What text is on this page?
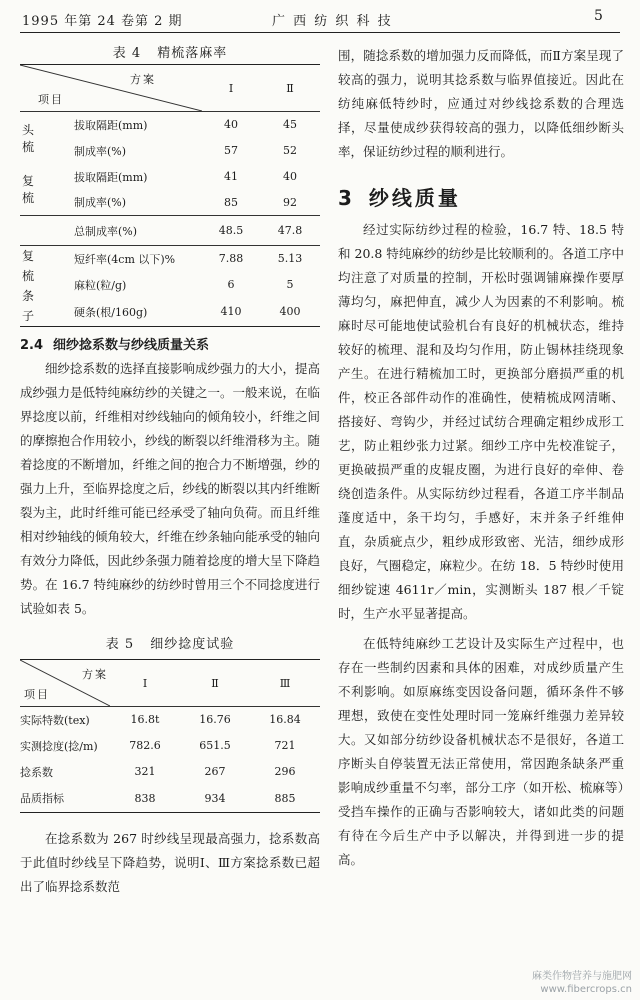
1995 年第 24 卷第 2 期	广 西 纺 织 科 技	5
表 4 精梳落麻率
方案
项目		Ⅰ	Ⅱ
头 梳	拔取隔距(mm)	40	45
	制成率(%)	57	52
复 梳	拔取隔距(mm)	41	40
	制成率(%)	85	92
	总制成率(%)	48.5	47.8

复 梳
条 子	短纤率(4cm 以下)%	7.88	5.13
	麻粒(粒/g)	6	5
	硬条(根/160g)	410	400
2.4 细纱捻系数与纱线质量关系

细纱捻系数的选择直接影响成纱强力的大小，提高成纱强力是低特纯麻纺纱的关键之一。一般来说，在临界捻度以前，纤维相对纱线轴向的倾角较小，纤维之间的摩擦抱合作用较小，纱线的断裂以纤维滑移为主。随着捻度的不断增加，纤维之间的抱合力不断增强，纱的强力上升，至临界捻度之后，纱线的断裂以其内纤维断裂为主，此时纤维可能已经承受了轴向负荷。而且纤维相对纱轴线的倾角较大，纤维在纱条轴向能承受的轴向有效分力降低，因此纱条强力随着捻度的增大呈下降趋势。在 16.7 特纯麻纱的纺纱时曾用三个不同捻度进行试验如表 5。

表 5 细纱捻度试验
方案
项目	Ⅰ	Ⅱ	Ⅲ
实际特数(tex)	16.8t	16.76	16.84
实测捻度(捻/m)	782.6	651.5	721
捻系数	321	267	296
品质指标	838	934	885

在捻系数为 267 时纱线呈现最高强力，捻系数高于此值时纱线呈下降趋势，说明Ⅰ、Ⅲ方案捻系数已超出了临界捻系数范

围，随捻系数的增加强力反而降低，而Ⅱ方案呈现了较高的强力，说明其捻系数与临界值接近。因此在纺纯麻低特纱时，应通过对纱线捻系数的合理选择，尽量使成纱获得较高的强力，以降低细纱断头率，保证纺纱过程的顺利进行。

3 纱线质量

经过实际纺纱过程的检验，16.7 特、18.5 特和 20.8 特纯麻纱的纺纱是比较顺利的。各道工序中均注意了对质量的控制，开松时强调铺麻操作要厚薄均匀，麻把伸直，减少人为因素的不利影响。梳麻时尽可能地使试验机台有良好的机械状态，维持较好的梳理、混和及均匀作用，防止锡林挂绕现象产生。在进行精梳加工时，更换部分磨损严重的机件，校正各部件动作的准确性，使精梳成网清晰、搭接好、弯钩少，并经过试纺合理确定粗纱成形工艺，防止粗纱张力过紧。细纱工序中先校准锭子，更换破损严重的皮辊皮圈，为进行良好的牵伸、卷绕创造条件。从实际纺纱过程看，各道工序半制品蓬度适中，条干均匀，手感好，末并条子纤维伸直，杂质疵点少，粗纱成形致密、光洁，细纱成形良好，气圈稳定，麻粒少。在纺 18．5 特纱时使用细纱锭速 4611r／min，实测断头 187 根／千锭时，生产水平显著提高。

在低特纯麻纱工艺设计及实际生产过程中，也存在一些制约因素和具体的困难，对成纱质量产生不利影响。如原麻练变因设备问题，循环条件不够理想，致使在变性处理时同一笼麻纤维强力差异较大。又如部分纺纱设备机械状态不是很好，各道工序断头自停装置无法正常使用，常因跑条缺条严重影响成纱重量不匀率，部分工序（如开松、梳麻等）受挡车操作的正确与否影响较大，诸如此类的问题有待在今后生产中予以解决，并得到进一步的提高。

麻类作物营养与施肥网
www.fibercrops.cn
